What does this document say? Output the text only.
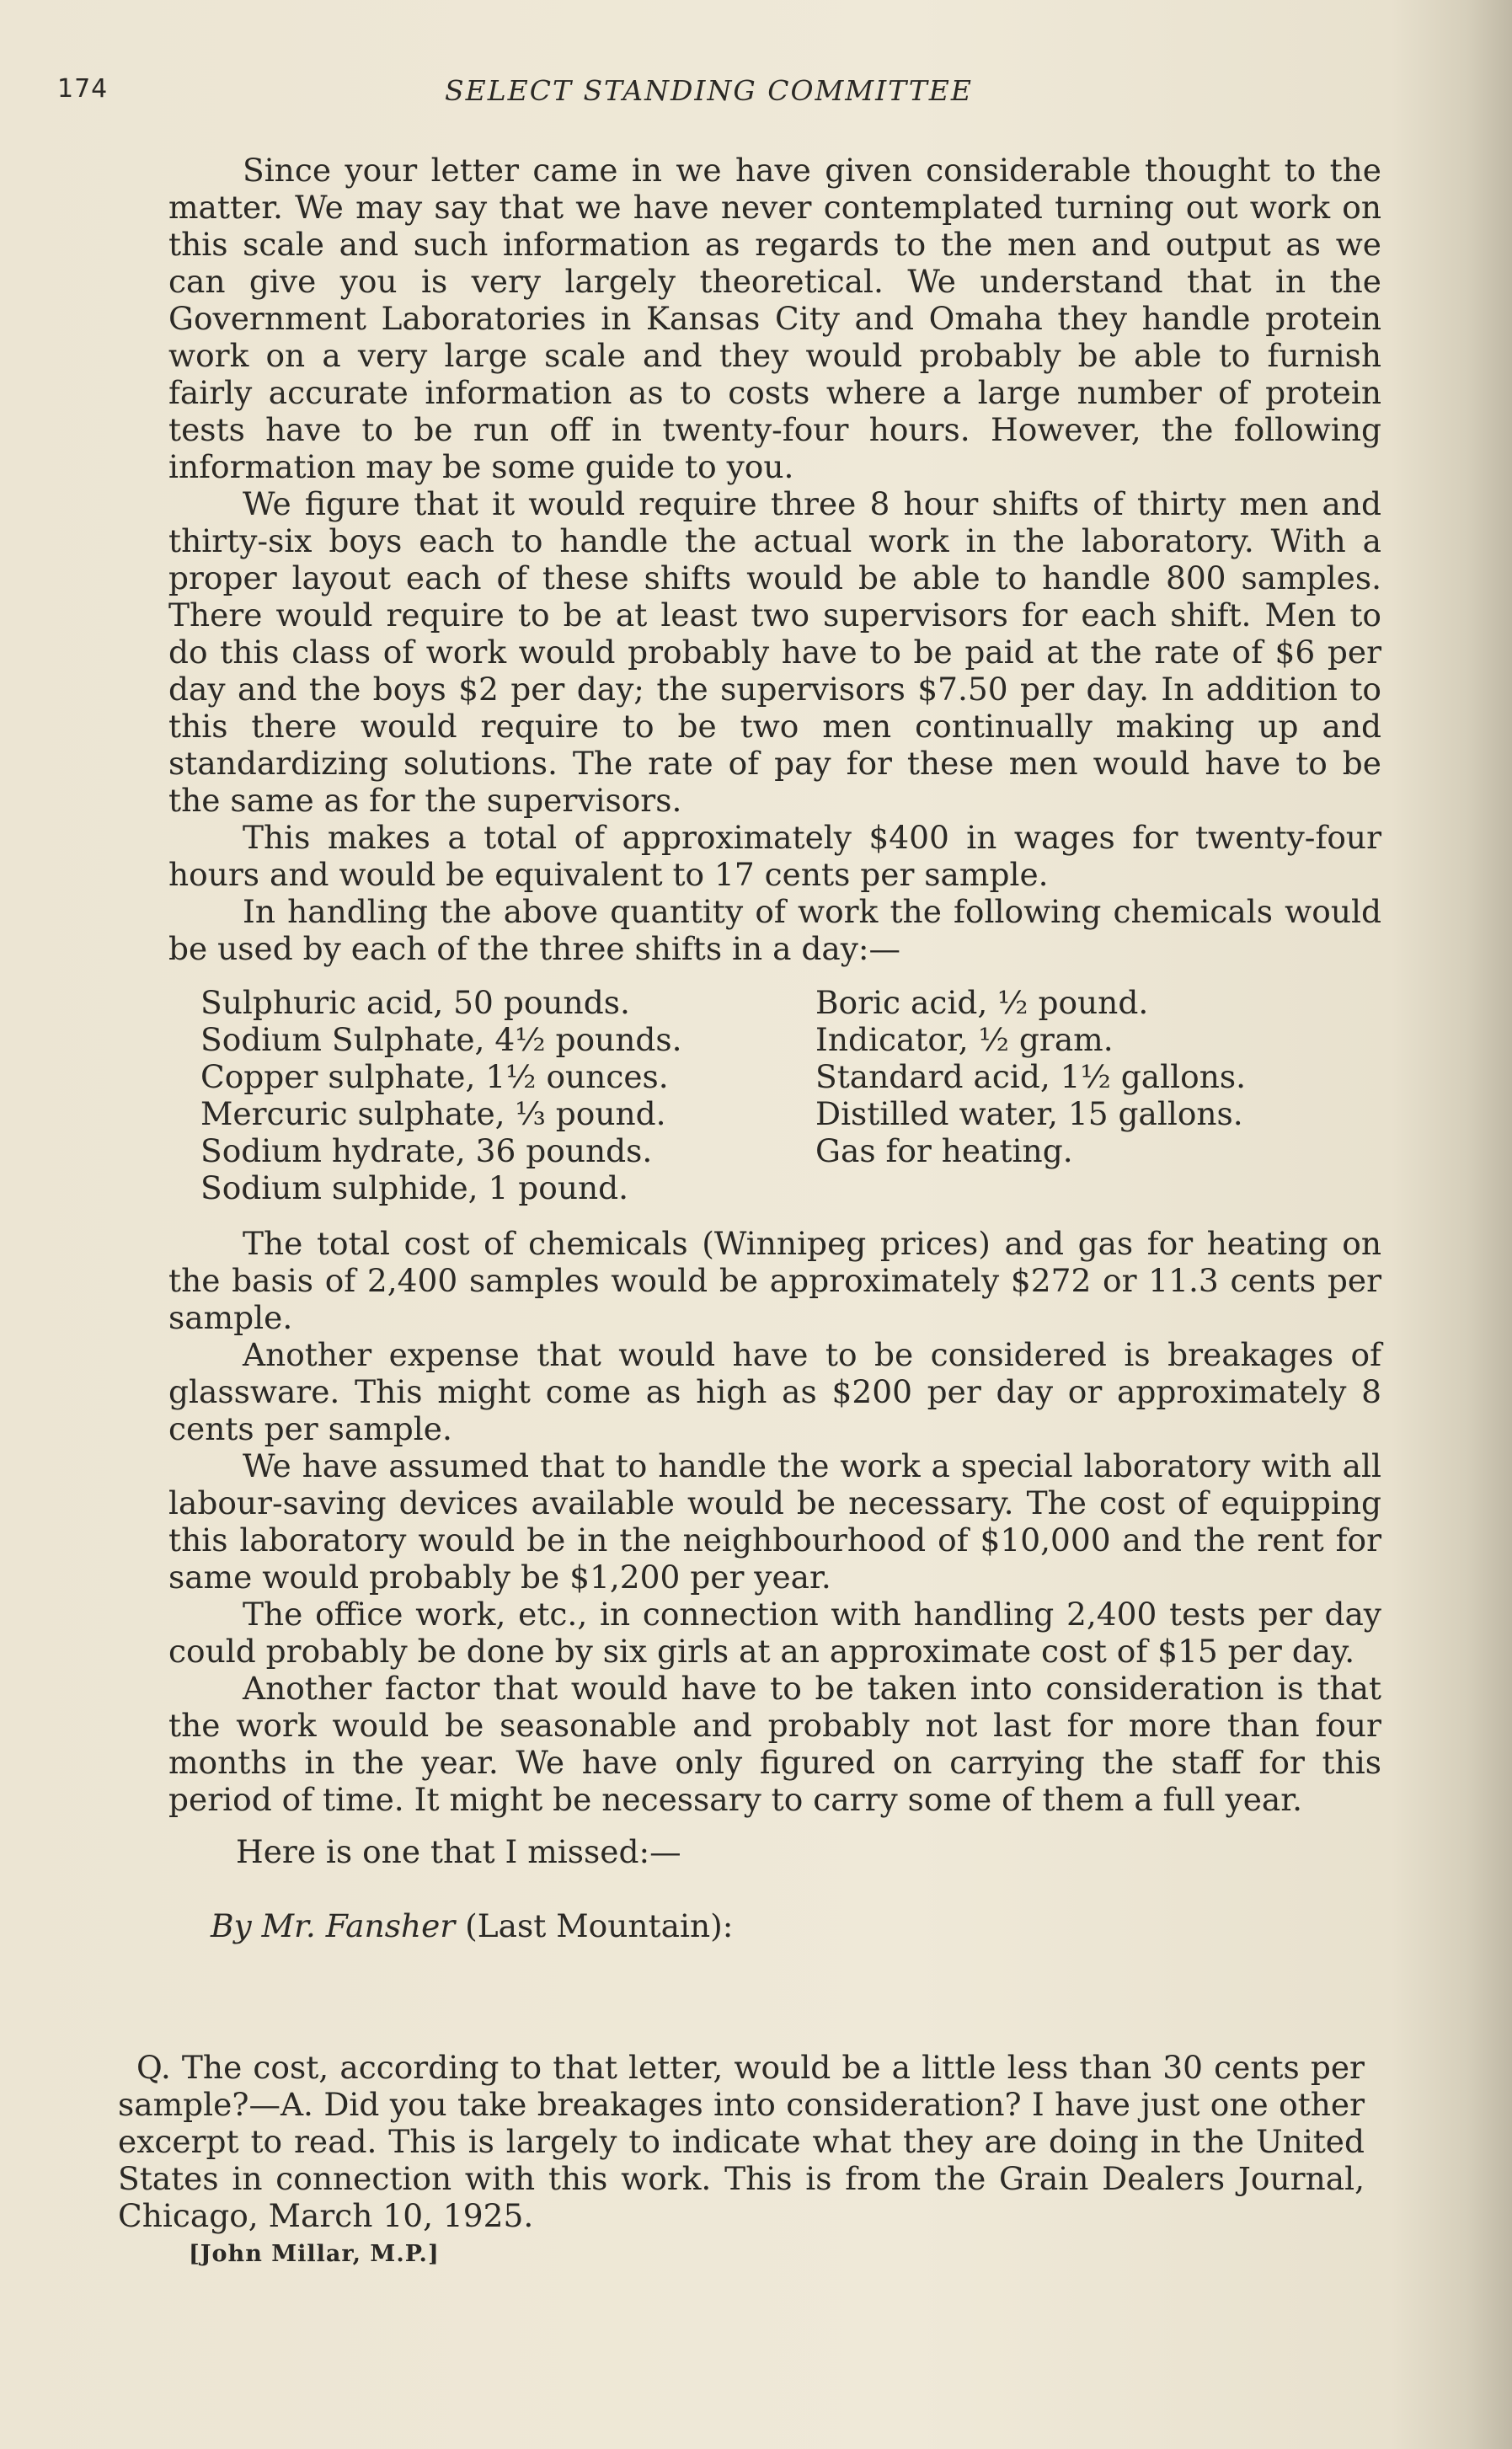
174	SELECT STANDING COMMITTEE

Since your letter came in we have given considerable thought to the matter. We may say that we have never contemplated turning out work on this scale and such information as regards to the men and output as we can give you is very largely theoretical. We understand that in the Government Laboratories in Kansas City and Omaha they handle protein work on a very large scale and they would probably be able to furnish fairly accurate information as to costs where a large number of protein tests have to be run off in twenty-four hours. However, the following information may be some guide to you.

We figure that it would require three 8 hour shifts of thirty men and thirty-six boys each to handle the actual work in the laboratory. With a proper layout each of these shifts would be able to handle 800 samples. There would require to be at least two supervisors for each shift. Men to do this class of work would probably have to be paid at the rate of $6 per day and the boys $2 per day; the supervisors $7.50 per day. In addition to this there would require to be two men continually making up and standardizing solutions. The rate of pay for these men would have to be the same as for the supervisors.

This makes a total of approximately $400 in wages for twenty-four hours and would be equivalent to 17 cents per sample.

In handling the above quantity of work the following chemicals would be used by each of the three shifts in a day:—

Sulphuric acid, 50 pounds.
Sodium Sulphate, 4½ pounds.
Copper sulphate, 1½ ounces.
Mercuric sulphate, ⅓ pound.
Sodium hydrate, 36 pounds.
Sodium sulphide, 1 pound.
Boric acid, ½ pound.
Indicator, ½ gram.
Standard acid, 1½ gallons.
Distilled water, 15 gallons.
Gas for heating.

The total cost of chemicals (Winnipeg prices) and gas for heating on the basis of 2,400 samples would be approximately $272 or 11.3 cents per sample.

Another expense that would have to be considered is breakages of glassware. This might come as high as $200 per day or approximately 8 cents per sample.

We have assumed that to handle the work a special laboratory with all labour-saving devices available would be necessary. The cost of equipping this laboratory would be in the neighbourhood of $10,000 and the rent for same would probably be $1,200 per year.

The office work, etc., in connection with handling 2,400 tests per day could probably be done by six girls at an approximate cost of $15 per day.

Another factor that would have to be taken into consideration is that the work would be seasonable and probably not last for more than four months in the year. We have only figured on carrying the staff for this period of time. It might be necessary to carry some of them a full year.

Here is one that I missed:—

By Mr. Fansher (Last Mountain):

Q. The cost, according to that letter, would be a little less than 30 cents per sample?—A. Did you take breakages into consideration? I have just one other excerpt to read. This is largely to indicate what they are doing in the United States in connection with this work. This is from the Grain Dealers Journal, Chicago, March 10, 1925.

[John Millar, M.P.]
